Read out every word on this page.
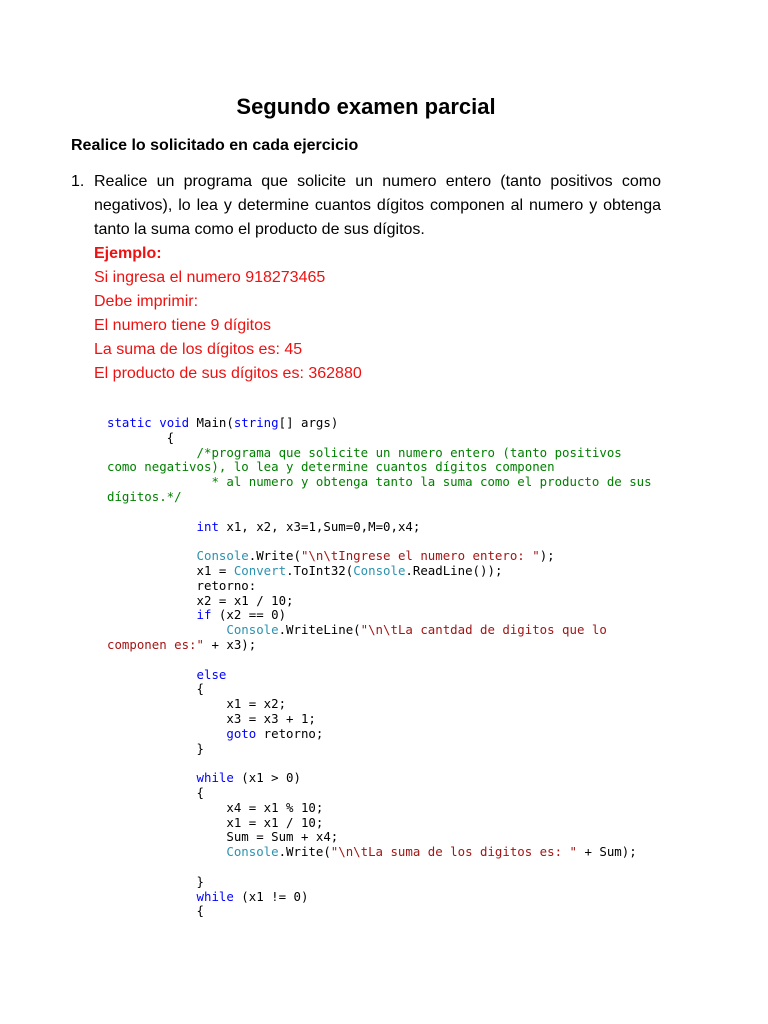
Segundo examen parcial

Realice lo solicitado en cada ejercicio

1. Realice un programa que solicite un numero entero (tanto positivos como negativos), lo lea y determine cuantos dígitos componen al numero y obtenga tanto la suma como el producto de sus dígitos.
Ejemplo:
Si ingresa el numero 918273465
Debe imprimir:
El numero tiene 9 dígitos
La suma de los dígitos es: 45
El producto de sus dígitos es: 362880
static void Main(string[] args)
{
/*programa que solicite un numero entero (tanto positivos
como negativos), lo lea y determine cuantos dígitos componen
* al numero y obtenga tanto la suma como el producto de sus
dígitos.*/

int x1, x2, x3=1,Sum=0,M=0,x4;

Console.Write("\n\tIngrese el numero entero: ");
x1 = Convert.ToInt32(Console.ReadLine());
retorno:
x2 = x1 / 10;
if (x2 == 0)
Console.WriteLine("\n\tLa cantdad de digitos que lo
componen es:" + x3);

else
{
x1 = x2;
x3 = x3 + 1;
goto retorno;
}

while (x1 > 0)
{
x4 = x1 % 10;
x1 = x1 / 10;
Sum = Sum + x4;
Console.Write("\n\tLa suma de los digitos es: " + Sum);

}
while (x1 != 0)
{
